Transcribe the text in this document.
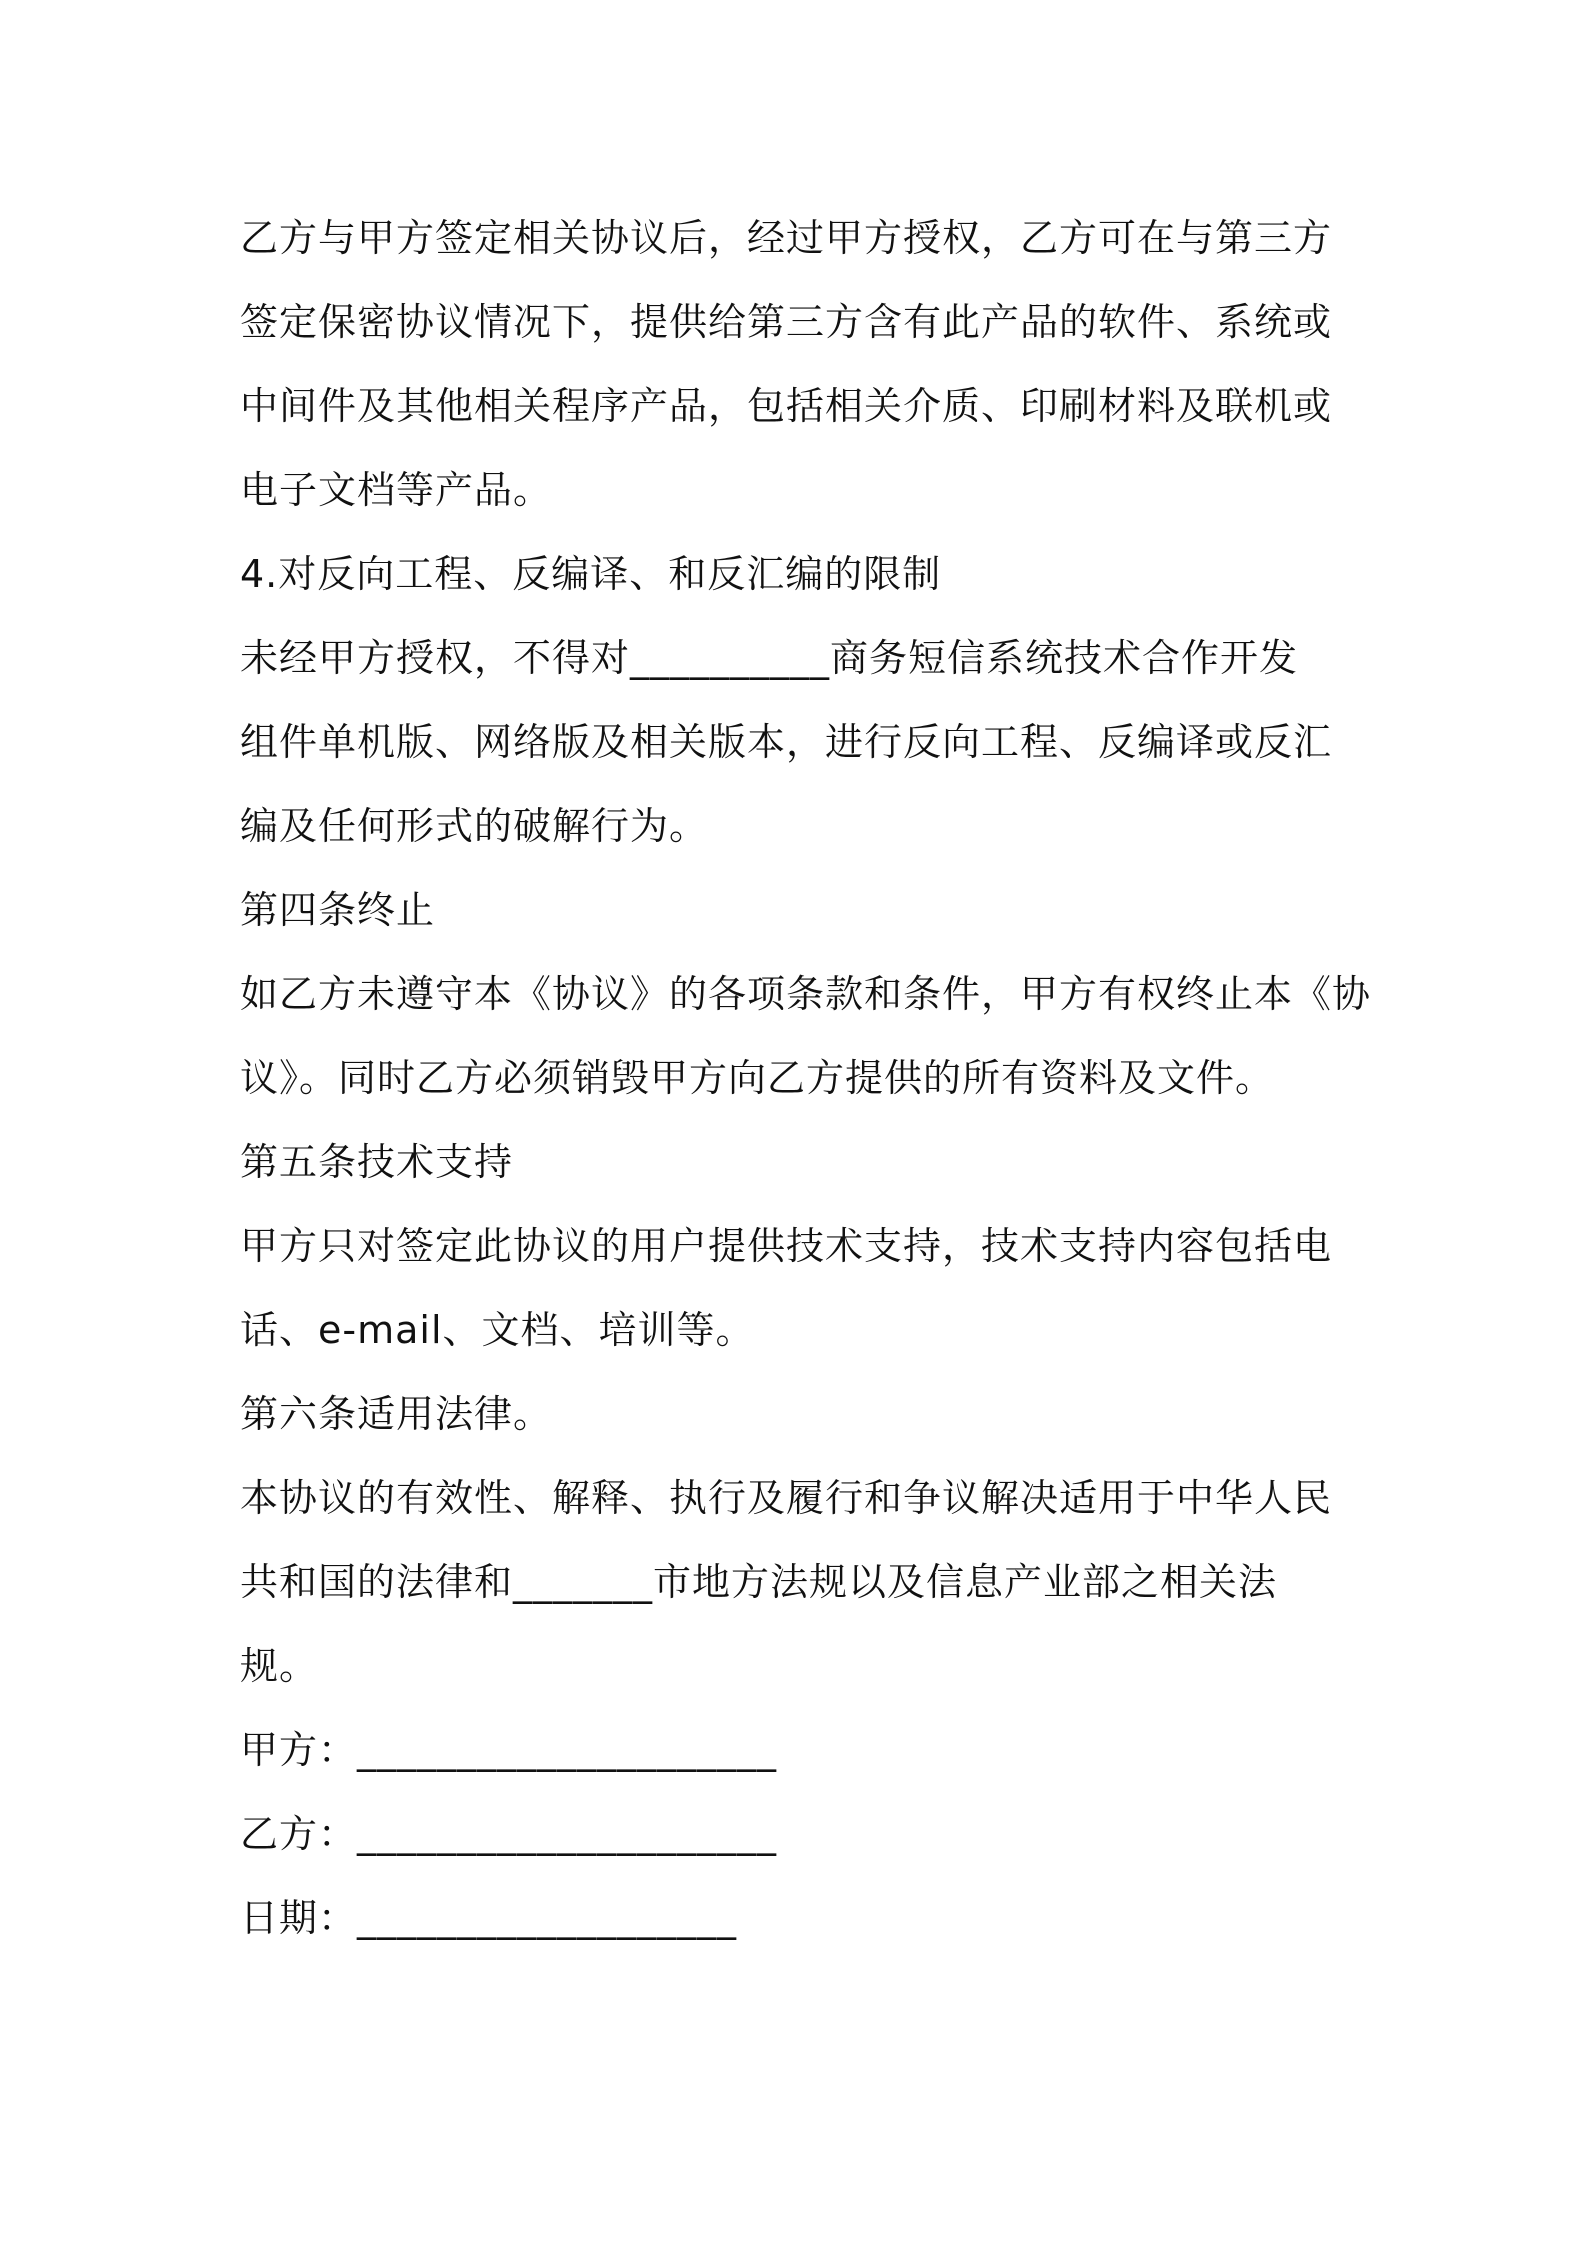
乙方与甲方签定相关协议后，经过甲方授权，乙方可在与第三方
签定保密协议情况下，提供给第三方含有此产品的软件、系统或
中间件及其他相关程序产品，包括相关介质、印刷材料及联机或
电子文档等产品。
4.对反向工程、反编译、和反汇编的限制
未经甲方授权，不得对__________商务短信系统技术合作开发
组件单机版、网络版及相关版本，进行反向工程、反编译或反汇
编及任何形式的破解行为。
第四条终止
如乙方未遵守本《协议》的各项条款和条件，甲方有权终止本《协
议》。同时乙方必须销毁甲方向乙方提供的所有资料及文件。
第五条技术支持
甲方只对签定此协议的用户提供技术支持，技术支持内容包括电
话、e-mail、文档、培训等。
第六条适用法律。
本协议的有效性、解释、执行及履行和争议解决适用于中华人民
共和国的法律和_______市地方法规以及信息产业部之相关法
规。
甲方：_____________________
乙方：_____________________
日期：___________________
